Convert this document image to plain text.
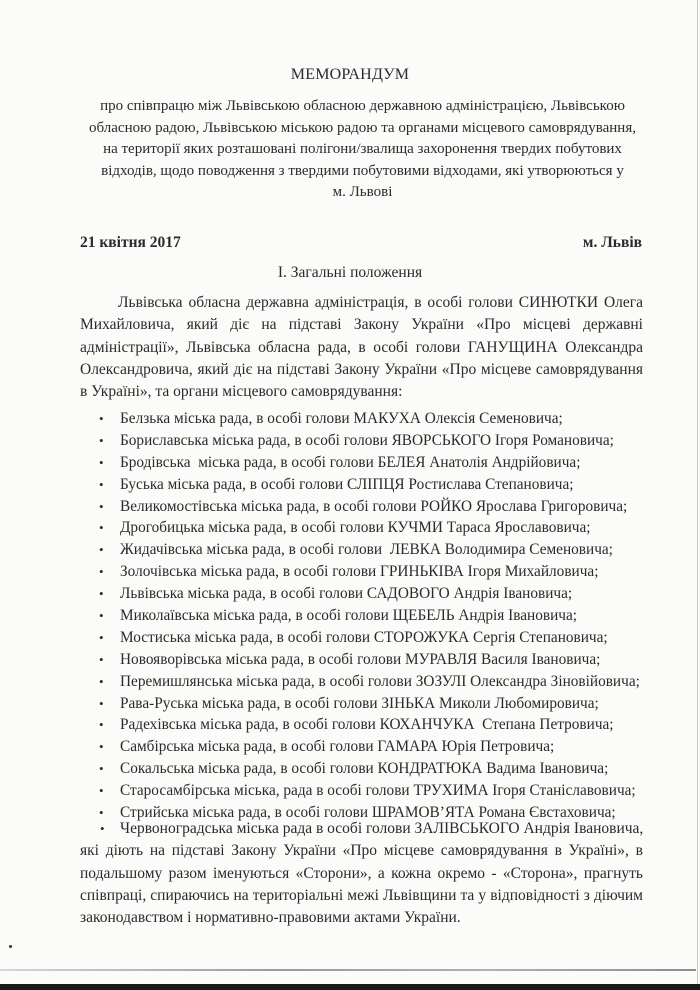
МЕМОРАНДУМ
про співпрацю між Львівською обласною державною адміністрацією, Львівською
обласною радою, Львівською міською радою та органами місцевого самоврядування,
на території яких розташовані полігони/звалища захоронення твердих побутових
відходів, щодо поводження з твердими побутовими відходами, які утворюються у
м. Львові
21 квітня 2017	м. Львів
І. Загальні положення

Львівська обласна державна адміністрація, в особі голови СИНЮТКИ Олега Михайловича, який діє на підставі Закону України «Про місцеві державні адміністрації», Львівська обласна рада, в особі голови ГАНУЩИНА Олександра Олександровича, який діє на підставі Закону України «Про місцеве самоврядування в Україні», та органи місцевого самоврядування:

• Белзька міська рада, в особі голови МАКУХА Олексія Семеновича;
• Бориславська міська рада, в особі голови ЯВОРСЬКОГО Ігоря Романовича;
• Бродівська  міська рада, в особі голови БЕЛЕЯ Анатолія Андрійовича;
• Буська міська рада, в особі голови СЛІПЦЯ Ростислава Степановича;
• Великомостівська міська рада, в особі голови РОЙКО Ярослава Григоровича;
• Дрогобицька міська рада, в особі голови КУЧМИ Тараса Ярославовича;
• Жидачівська міська рада, в особі голови  ЛЕВКА Володимира Семеновича;
• Золочівська міська рада, в особі голови ГРИНЬКІВА Ігоря Михайловича;
• Львівська міська рада, в особі голови САДОВОГО Андрія Івановича;
• Миколаївська міська рада, в особі голови ЩЕБЕЛЬ Андрія Івановича;
• Мостиська міська рада, в особі голови СТОРОЖУКА Сергія Степановича;
• Новояворівська міська рада, в особі голови МУРАВЛЯ Василя Івановича;
• Перемишлянська міська рада, в особі голови ЗОЗУЛІ Олександра Зіновійовича;
• Рава-Руська міська рада, в особі голови ЗІНЬКА Миколи Любомировича;
• Радехівська міська рада, в особі голови КОХАНЧУКА  Степана Петровича;
• Самбірська міська рада, в особі голови ГАМАРА Юрія Петровича;
• Сокальська міська рада, в особі голови КОНДРАТЮКА Вадима Івановича;
• Старосамбірська міська, рада в особі голови ТРУХИМА Ігоря Станіславовича;
• Стрийська міська рада, в особі голови ШРАМОВ’ЯТА Романа Євстаховича;

• Червоноградська міська рада в особі голови ЗАЛІВСЬКОГО Андрія Івановича,
які діють на підставі Закону України «Про місцеве самоврядування в Україні», в подальшому разом іменуються «Сторони», а кожна окремо - «Сторона», прагнуть співпраці, спираючись на територіальні межі Львівщини та у відповідності з діючим законодавством і нормативно-правовими актами України.
